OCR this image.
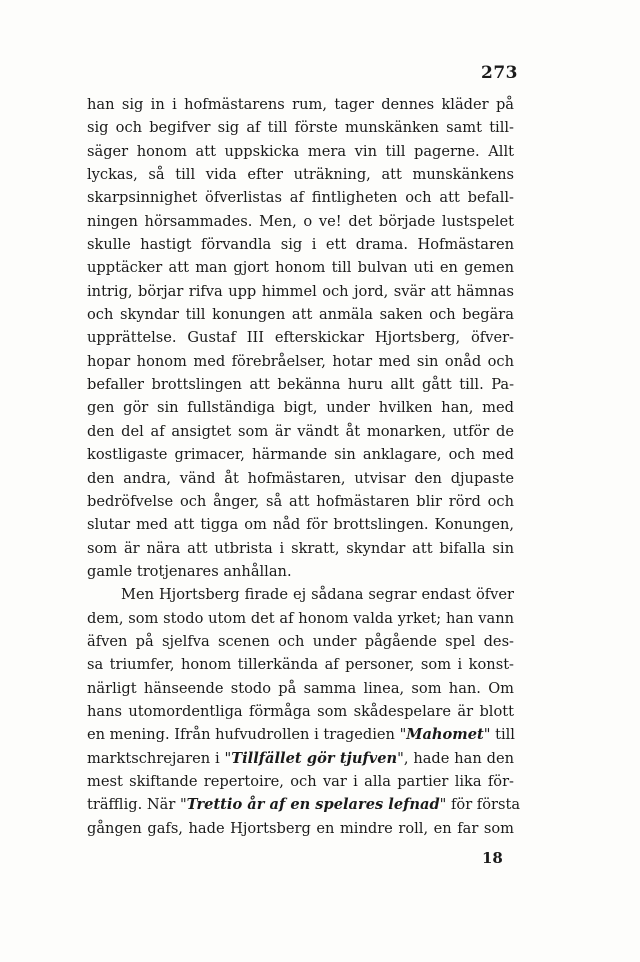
273
han sig in i hofmästarens rum, tager dennes kläder på
sig och begifver sig af till förste munskänken samt till-
säger honom att uppskicka mera vin till pagerne. Allt
lyckas, så till vida efter uträkning, att munskänkens
skarpsinnighet öfverlistas af fintligheten och att befall-
ningen hörsammades. Men, o ve! det började lustspelet
skulle hastigt förvandla sig i ett drama. Hofmästaren
upptäcker att man gjort honom till bulvan uti en gemen
intrig, börjar rifva upp himmel och jord, svär att hämnas
och skyndar till konungen att anmäla saken och begära
upprättelse. Gustaf III efterskickar Hjortsberg, öfver-
hopar honom med förebråelser, hotar med sin onåd och
befaller brottslingen att bekänna huru allt gått till. Pa-
gen gör sin fullständiga bigt, under hvilken han, med
den del af ansigtet som är vändt åt monarken, utför de
kostligaste grimacer, härmande sin anklagare, och med
den andra, vänd åt hofmästaren, utvisar den djupaste
bedröfvelse och ånger, så att hofmästaren blir rörd och
slutar med att tigga om nåd för brottslingen. Konungen,
som är nära att utbrista i skratt, skyndar att bifalla sin
gamle trotjenares anhållan.
Men Hjortsberg firade ej sådana segrar endast öfver
dem, som stodo utom det af honom valda yrket; han vann
äfven på sjelfva scenen och under pågående spel des-
sa triumfer, honom tillerkända af personer, som i konst-
närligt hänseende stodo på samma linea, som han. Om
hans utomordentliga förmåga som skådespelare är blott
en mening. Ifrån hufvudrollen i tragedien "Mahomet" till
marktschrejaren i "Tillfället gör tjufven", hade han den
mest skiftande repertoire, och var i alla partier lika för-
träfflig. När "Trettio år af en spelares lefnad" för första
gången gafs, hade Hjortsberg en mindre roll, en far som
18
